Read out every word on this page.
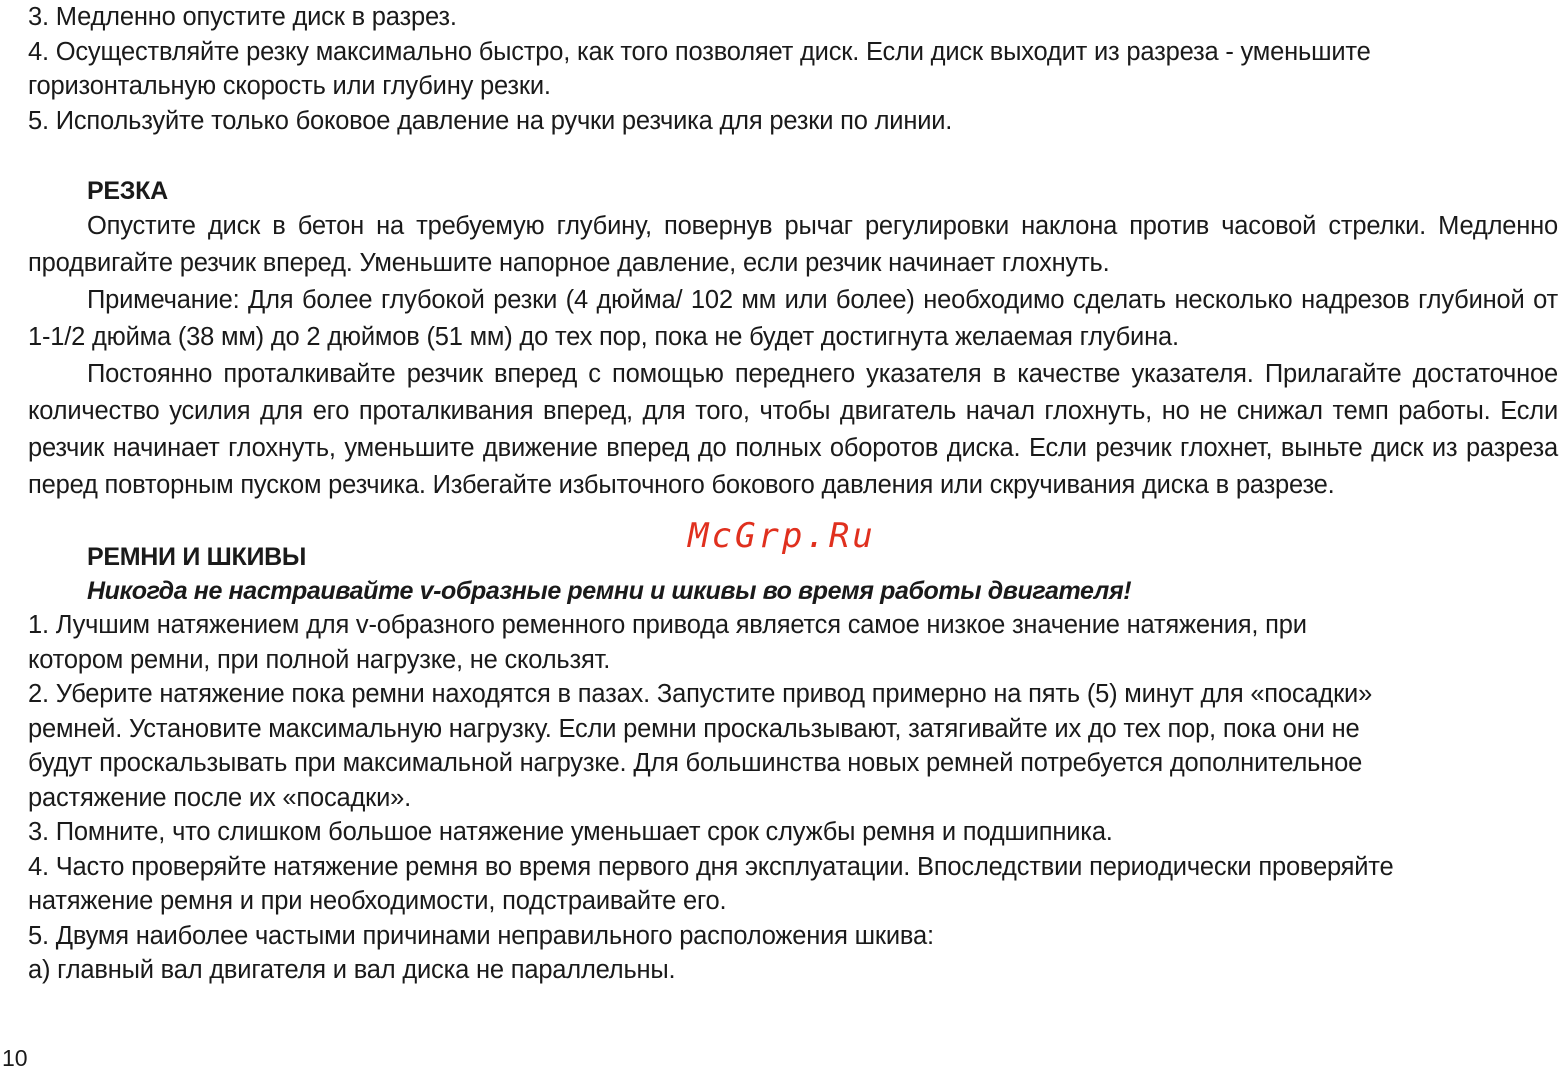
3. Медленно опустите диск в разрез.
4. Осуществляйте резку максимально быстро, как того позволяет диск. Если диск выходит из разреза - уменьшите
горизонтальную скорость или глубину резки.
5. Используйте только боковое давление на ручки резчика для резки по линии.
РЕЗКА
Опустите диск в бетон на требуемую глубину, повернув рычаг регулировки наклона против часовой стрелки. Медленно продвигайте резчик вперед. Уменьшите напорное давление, если резчик начинает глохнуть.
Примечание: Для более глубокой резки (4 дюйма/ 102 мм или более) необходимо сделать несколько надрезов глубиной от 1-1/2 дюйма (38 мм) до 2 дюймов (51 мм) до тех пор, пока не будет достигнута желаемая глубина.
Постоянно проталкивайте резчик вперед с помощью переднего указателя в качестве указателя. Прилагайте достаточное количество усилия для его проталкивания вперед, для того, чтобы двигатель начал глохнуть, но не снижал темп работы. Если резчик начинает глохнуть, уменьшите движение вперед до полных оборотов диска. Если резчик глохнет, выньте диск из разреза перед повторным пуском резчика. Избегайте избыточного бокового давления или скручивания диска в разрезе.
РЕМНИ И ШКИВЫ
Никогда не настраивайте v-образные ремни и шкивы во время работы двигателя!
1. Лучшим натяжением для v-образного ременного привода является самое низкое значение натяжения, при
котором ремни, при полной нагрузке, не скользят.
2. Уберите натяжение пока ремни находятся в пазах. Запустите привод примерно на пять (5) минут для «посадки»
ремней. Установите максимальную нагрузку. Если ремни проскальзывают, затягивайте их до тех пор, пока они не
будут проскальзывать при максимальной нагрузке. Для большинства новых ремней потребуется дополнительное
растяжение после их «посадки».
3. Помните, что слишком большое натяжение уменьшает срок службы ремня и подшипника.
4. Часто проверяйте натяжение ремня во время первого дня эксплуатации. Впоследствии периодически проверяйте
натяжение ремня и при необходимости, подстраивайте его.
5. Двумя наиболее частыми причинами неправильного расположения шкива:
а) главный вал двигателя и вал диска не параллельны.
McGrp.Ru
10
